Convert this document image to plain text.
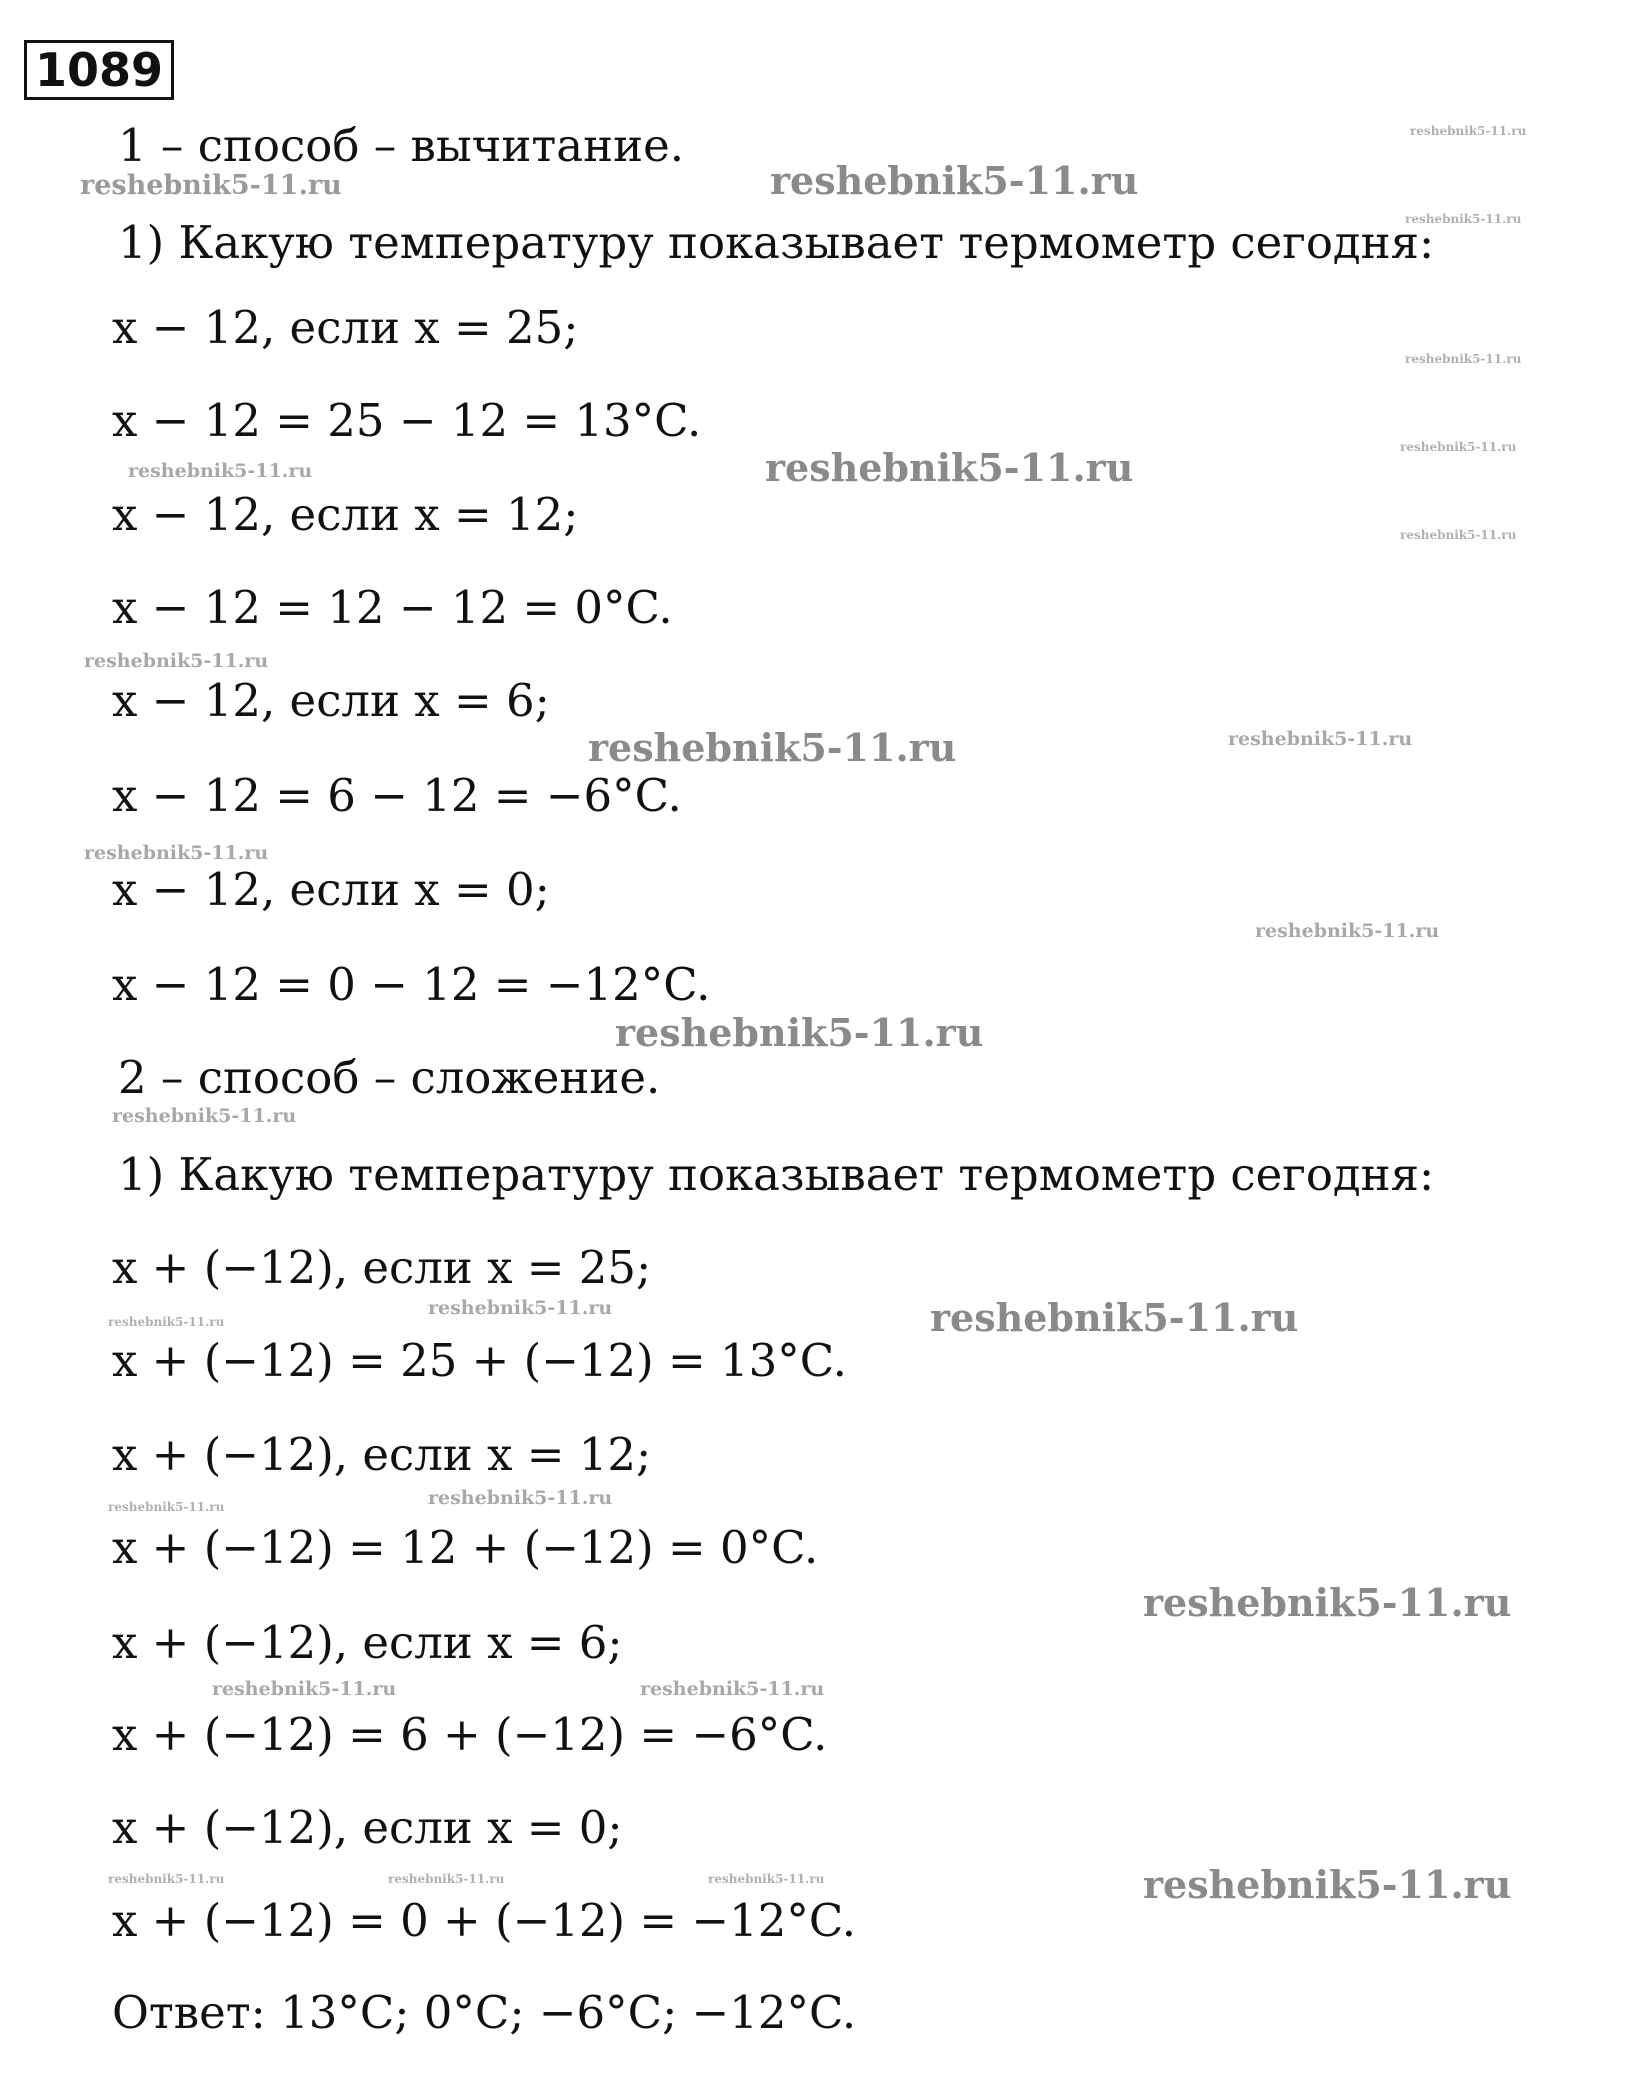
1089
1 – способ – вычитание.
1) Какую температуру показывает термометр сегодня:
x − 12, если x = 25;
x − 12 = 25 − 12 = 13°C.
x − 12, если x = 12;
x − 12 = 12 − 12 = 0°C.
x − 12, если x = 6;
x − 12 = 6 − 12 = −6°C.
x − 12, если x = 0;
x − 12 = 0 − 12 = −12°C.
2 – способ – сложение.
1) Какую температуру показывает термометр сегодня:
x + (−12), если x = 25;
x + (−12) = 25 + (−12) = 13°C.
x + (−12), если x = 12;
x + (−12) = 12 + (−12) = 0°C.
x + (−12), если x = 6;
x + (−12) = 6 + (−12) = −6°C.
x + (−12), если x = 0;
x + (−12) = 0 + (−12) = −12°C.
Ответ: 13°C; 0°C; −6°C; −12°C.
reshebnik5-11.ru	reshebnik5-11.ru
reshebnik5-11.ru
reshebnik5-11.ru
reshebnik5-11.ru
reshebnik5-11.ru	reshebnik5-11.ru	reshebnik5-11.ru
reshebnik5-11.ru
reshebnik5-11.ru
reshebnik5-11.ru	reshebnik5-11.ru
reshebnik5-11.ru
reshebnik5-11.ru
reshebnik5-11.ru
reshebnik5-11.ru
reshebnik5-11.ru
reshebnik5-11.ru	reshebnik5-11.ru
reshebnik5-11.ru
reshebnik5-11.ru
reshebnik5-11.ru
reshebnik5-11.ru	reshebnik5-11.ru
reshebnik5-11.ru	reshebnik5-11.ru	reshebnik5-11.ru	reshebnik5-11.ru
